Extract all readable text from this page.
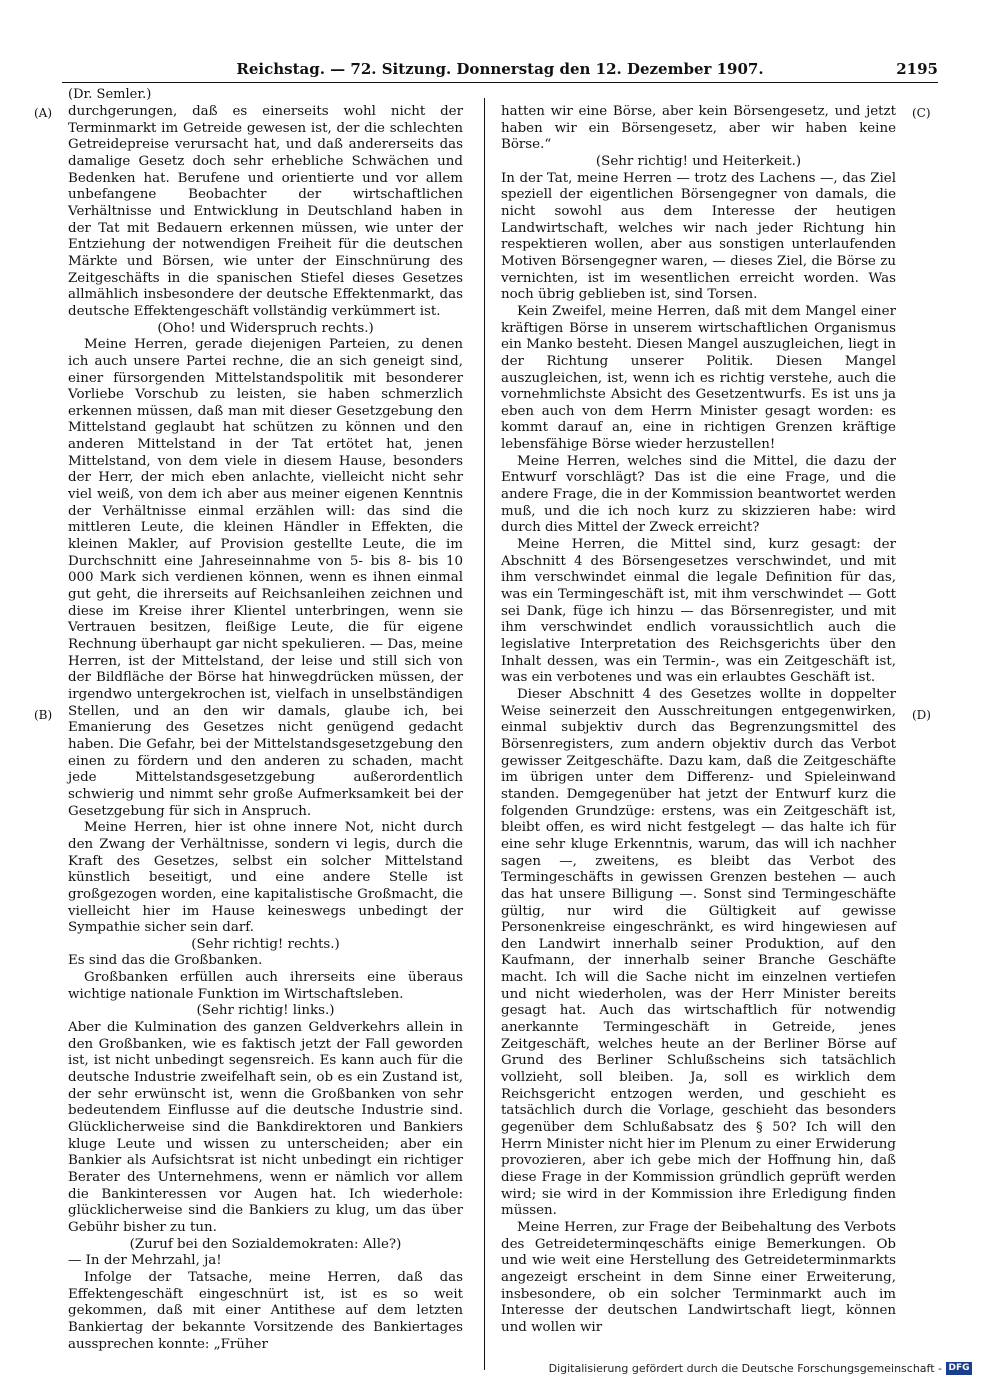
Reichstag. — 72. Sitzung. Donnerstag den 12. Dezember 1907.	2195
(Dr. Semler.)
(A)
(B)
(C)
(D)

durchgerungen, daß es einerseits wohl nicht der Terminmarkt im Getreide gewesen ist, der die schlechten Getreidepreise verursacht hat, und daß andererseits das damalige Gesetz doch sehr erhebliche Schwächen und Bedenken hat. Berufene und orientierte und vor allem unbefangene Beobachter der wirtschaftlichen Verhältnisse und Entwicklung in Deutschland haben in der Tat mit Bedauern erkennen müssen, wie unter der Entziehung der notwendigen Freiheit für die deutschen Märkte und Börsen, wie unter der Einschnürung des Zeitgeschäfts in die spanischen Stiefel dieses Gesetzes allmählich insbesondere der deutsche Effektenmarkt, das deutsche Effektengeschäft vollständig verkümmert ist.

(Oho! und Widerspruch rechts.)

Meine Herren, gerade diejenigen Parteien, zu denen ich auch unsere Partei rechne, die an sich geneigt sind, einer fürsorgenden Mittelstandspolitik mit besonderer Vorliebe Vorschub zu leisten, sie haben schmerzlich erkennen müssen, daß man mit dieser Gesetzgebung den Mittelstand geglaubt hat schützen zu können und den anderen Mittelstand in der Tat ertötet hat, jenen Mittelstand, von dem viele in diesem Hause, besonders der Herr, der mich eben anlachte, vielleicht nicht sehr viel weiß, von dem ich aber aus meiner eigenen Kenntnis der Verhältnisse einmal erzählen will: das sind die mittleren Leute, die kleinen Händler in Effekten, die kleinen Makler, auf Provision gestellte Leute, die im Durchschnitt eine Jahreseinnahme von 5- bis 8- bis 10 000 Mark sich verdienen können, wenn es ihnen einmal gut geht, die ihrerseits auf Reichsanleihen zeichnen und diese im Kreise ihrer Klientel unterbringen, wenn sie Vertrauen besitzen, fleißige Leute, die für eigene Rechnung überhaupt gar nicht spekulieren. — Das, meine Herren, ist der Mittelstand, der leise und still sich von der Bildfläche der Börse hat hinwegdrücken müssen, der irgendwo untergekrochen ist, vielfach in unselbständigen Stellen, und an den wir damals, glaube ich, bei Emanierung des Gesetzes nicht genügend gedacht haben. Die Gefahr, bei der Mittelstandsgesetzgebung den einen zu fördern und den anderen zu schaden, macht jede Mittelstandsgesetzgebung außerordentlich schwierig und nimmt sehr große Aufmerksamkeit bei der Gesetzgebung für sich in Anspruch.

Meine Herren, hier ist ohne innere Not, nicht durch den Zwang der Verhältnisse, sondern vi legis, durch die Kraft des Gesetzes, selbst ein solcher Mittelstand künstlich beseitigt, und eine andere Stelle ist großgezogen worden, eine kapitalistische Großmacht, die vielleicht hier im Hause keineswegs unbedingt der Sympathie sicher sein darf.

(Sehr richtig! rechts.)

Es sind das die Großbanken.

Großbanken erfüllen auch ihrerseits eine überaus wichtige nationale Funktion im Wirtschaftsleben.

(Sehr richtig! links.)

Aber die Kulmination des ganzen Geldverkehrs allein in den Großbanken, wie es faktisch jetzt der Fall geworden ist, ist nicht unbedingt segensreich. Es kann auch für die deutsche Industrie zweifelhaft sein, ob es ein Zustand ist, der sehr erwünscht ist, wenn die Großbanken von sehr bedeutendem Einflusse auf die deutsche Industrie sind. Glücklicherweise sind die Bankdirektoren und Bankiers kluge Leute und wissen zu unterscheiden; aber ein Bankier als Aufsichtsrat ist nicht unbedingt ein richtiger Berater des Unternehmens, wenn er nämlich vor allem die Bankinteressen vor Augen hat. Ich wiederhole: glücklicherweise sind die Bankiers zu klug, um das über Gebühr bisher zu tun.

(Zuruf bei den Sozialdemokraten: Alle?)

— In der Mehrzahl, ja!

Infolge der Tatsache, meine Herren, daß das Effektengeschäft eingeschnürt ist, ist es so weit gekommen, daß mit einer Antithese auf dem letzten Bankiertag der bekannte Vorsitzende des Bankiertages aussprechen konnte: „Früher

hatten wir eine Börse, aber kein Börsengesetz, und jetzt haben wir ein Börsengesetz, aber wir haben keine Börse.“

(Sehr richtig! und Heiterkeit.)

In der Tat, meine Herren — trotz des Lachens —, das Ziel speziell der eigentlichen Börsengegner von damals, die nicht sowohl aus dem Interesse der heutigen Landwirtschaft, welches wir nach jeder Richtung hin respektieren wollen, aber aus sonstigen unterlaufenden Motiven Börsengegner waren, — dieses Ziel, die Börse zu vernichten, ist im wesentlichen erreicht worden. Was noch übrig geblieben ist, sind Torsen.

Kein Zweifel, meine Herren, daß mit dem Mangel einer kräftigen Börse in unserem wirtschaftlichen Organismus ein Manko besteht. Diesen Mangel auszugleichen, liegt in der Richtung unserer Politik. Diesen Mangel auszugleichen, ist, wenn ich es richtig verstehe, auch die vornehmlichste Absicht des Gesetzentwurfs. Es ist uns ja eben auch von dem Herrn Minister gesagt worden: es kommt darauf an, eine in richtigen Grenzen kräftige lebensfähige Börse wieder herzustellen!

Meine Herren, welches sind die Mittel, die dazu der Entwurf vorschlägt? Das ist die eine Frage, und die andere Frage, die in der Kommission beantwortet werden muß, und die ich noch kurz zu skizzieren habe: wird durch dies Mittel der Zweck erreicht?

Meine Herren, die Mittel sind, kurz gesagt: der Abschnitt 4 des Börsengesetzes verschwindet, und mit ihm verschwindet einmal die legale Definition für das, was ein Termingeschäft ist, mit ihm verschwindet — Gott sei Dank, füge ich hinzu — das Börsenregister, und mit ihm verschwindet endlich voraussichtlich auch die legislative Interpretation des Reichsgerichts über den Inhalt dessen, was ein Termin-, was ein Zeitgeschäft ist, was ein verbotenes und was ein erlaubtes Geschäft ist.

Dieser Abschnitt 4 des Gesetzes wollte in doppelter Weise seinerzeit den Ausschreitungen entgegenwirken, einmal subjektiv durch das Begrenzungsmittel des Börsenregisters, zum andern objektiv durch das Verbot gewisser Zeitgeschäfte. Dazu kam, daß die Zeitgeschäfte im übrigen unter dem Differenz- und Spieleinwand standen. Demgegenüber hat jetzt der Entwurf kurz die folgenden Grundzüge: erstens, was ein Zeitgeschäft ist, bleibt offen, es wird nicht festgelegt — das halte ich für eine sehr kluge Erkenntnis, warum, das will ich nachher sagen —, zweitens, es bleibt das Verbot des Termingeschäfts in gewissen Grenzen bestehen — auch das hat unsere Billigung —. Sonst sind Termingeschäfte gültig, nur wird die Gültigkeit auf gewisse Personenkreise eingeschränkt, es wird hingewiesen auf den Landwirt innerhalb seiner Produktion, auf den Kaufmann, der innerhalb seiner Branche Geschäfte macht. Ich will die Sache nicht im einzelnen vertiefen und nicht wiederholen, was der Herr Minister bereits gesagt hat. Auch das wirtschaftlich für notwendig anerkannte Termingeschäft in Getreide, jenes Zeitgeschäft, welches heute an der Berliner Börse auf Grund des Berliner Schlußscheins sich tatsächlich vollzieht, soll bleiben. Ja, soll es wirklich dem Reichsgericht entzogen werden, und geschieht es tatsächlich durch die Vorlage, geschieht das besonders gegenüber dem Schlußabsatz des § 50? Ich will den Herrn Minister nicht hier im Plenum zu einer Erwiderung provozieren, aber ich gebe mich der Hoffnung hin, daß diese Frage in der Kommission gründlich geprüft werden wird; sie wird in der Kommission ihre Erledigung finden müssen.

Meine Herren, zur Frage der Beibehaltung des Verbots des Getreideterminqeschäfts einige Bemerkungen. Ob und wie weit eine Herstellung des Getreideterminmarkts angezeigt erscheint in dem Sinne einer Erweiterung, insbesondere, ob ein solcher Terminmarkt auch im Interesse der deutschen Landwirtschaft liegt, können und wollen wir

Digitalisierung gefördert durch die Deutsche Forschungsgemeinschaft - DFG
